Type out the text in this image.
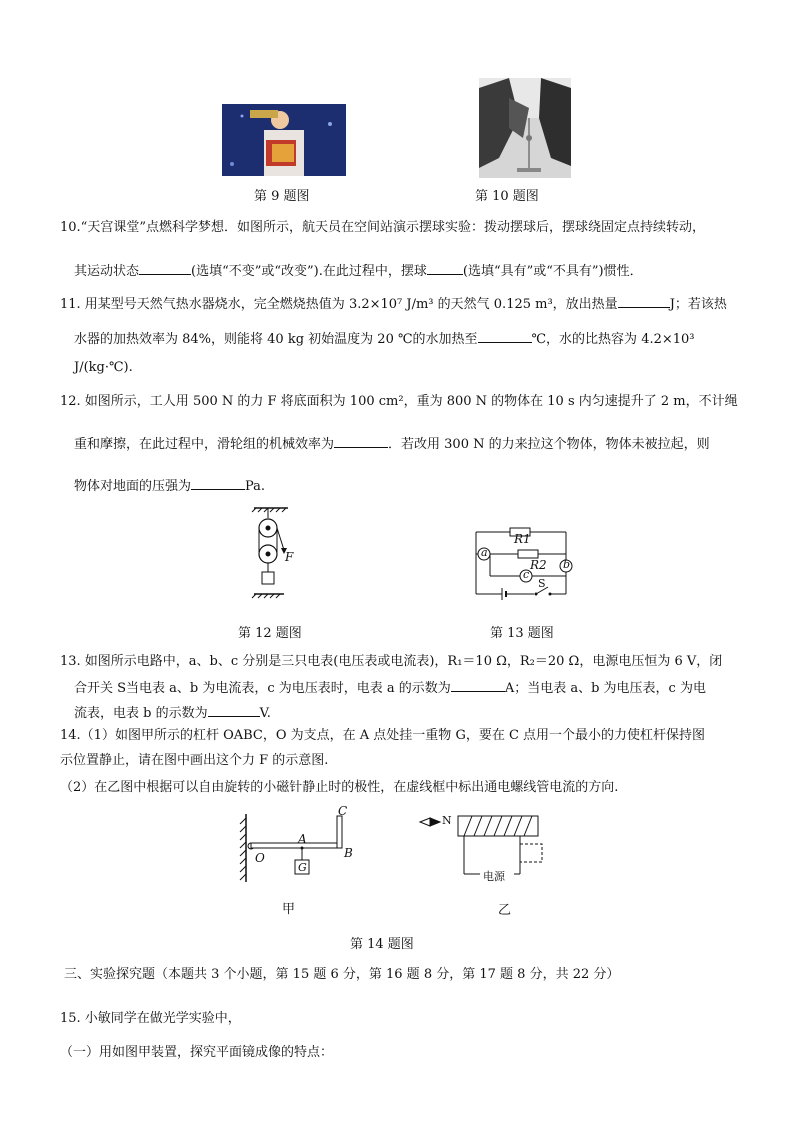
第 9 题图	第 10 题图
10.“天宫课堂”点燃科学梦想．如图所示，航天员在空间站演示摆球实验：拨动摆球后，摆球绕固定点持续转动，
其运动状态	(选填“不变”或“改变”).在此过程中，摆球	(选填“具有”或“不具有”)惯性．
11. 用某型号天然气热水器烧水，完全燃烧热值为 3.2×10⁷ J/m³ 的天然气 0.125 m³，放出热量	J；若该热
水器的加热效率为 84%，则能将 40 kg 初始温度为 20 ℃的水加热至	℃，水的比热容为 4.2×10³
J/(kg·℃).
12. 如图所示，工人用 500 N 的力 F 将底面积为 100 cm²，重为 800 N 的物体在 10 s 内匀速提升了 2 m，不计绳
重和摩擦，在此过程中，滑轮组的机械效率为	．若改用 300 N 的力来拉这个物体，物体未被拉起，则
物体对地面的压强为	Pa.
F
R1
R2
a
b
c
S
第 12 题图	第 13 题图
13. 如图所示电路中，a、b、c 分别是三只电表(电压表或电流表)，R₁＝10 Ω，R₂＝20 Ω，电源电压恒为 6 V，闭
合开关 S当电表 a、b 为电流表，c 为电压表时，电表 a 的示数为	A；当电表 a、b 为电压表，c 为电
流表，电表 b 的示数为	V.
14.（1）如图甲所示的杠杆 OABC，O 为支点，在 A 点处挂一重物 G，要在 C 点用一个最小的力使杠杆保持图
示位置静止，请在图中画出这个力 F 的示意图.
（2）在乙图中根据可以自由旋转的小磁针静止时的极性，在虚线框中标出通电螺线管电流的方向.
O
A
B
C
G
N
电源
甲	乙
第 14 题图
三、实验探究题（本题共 3 个小题，第 15 题 6 分，第 16 题 8 分，第 17 题 8 分，共 22 分）
15. 小敏同学在做光学实验中，
（一）用如图甲装置，探究平面镜成像的特点：
